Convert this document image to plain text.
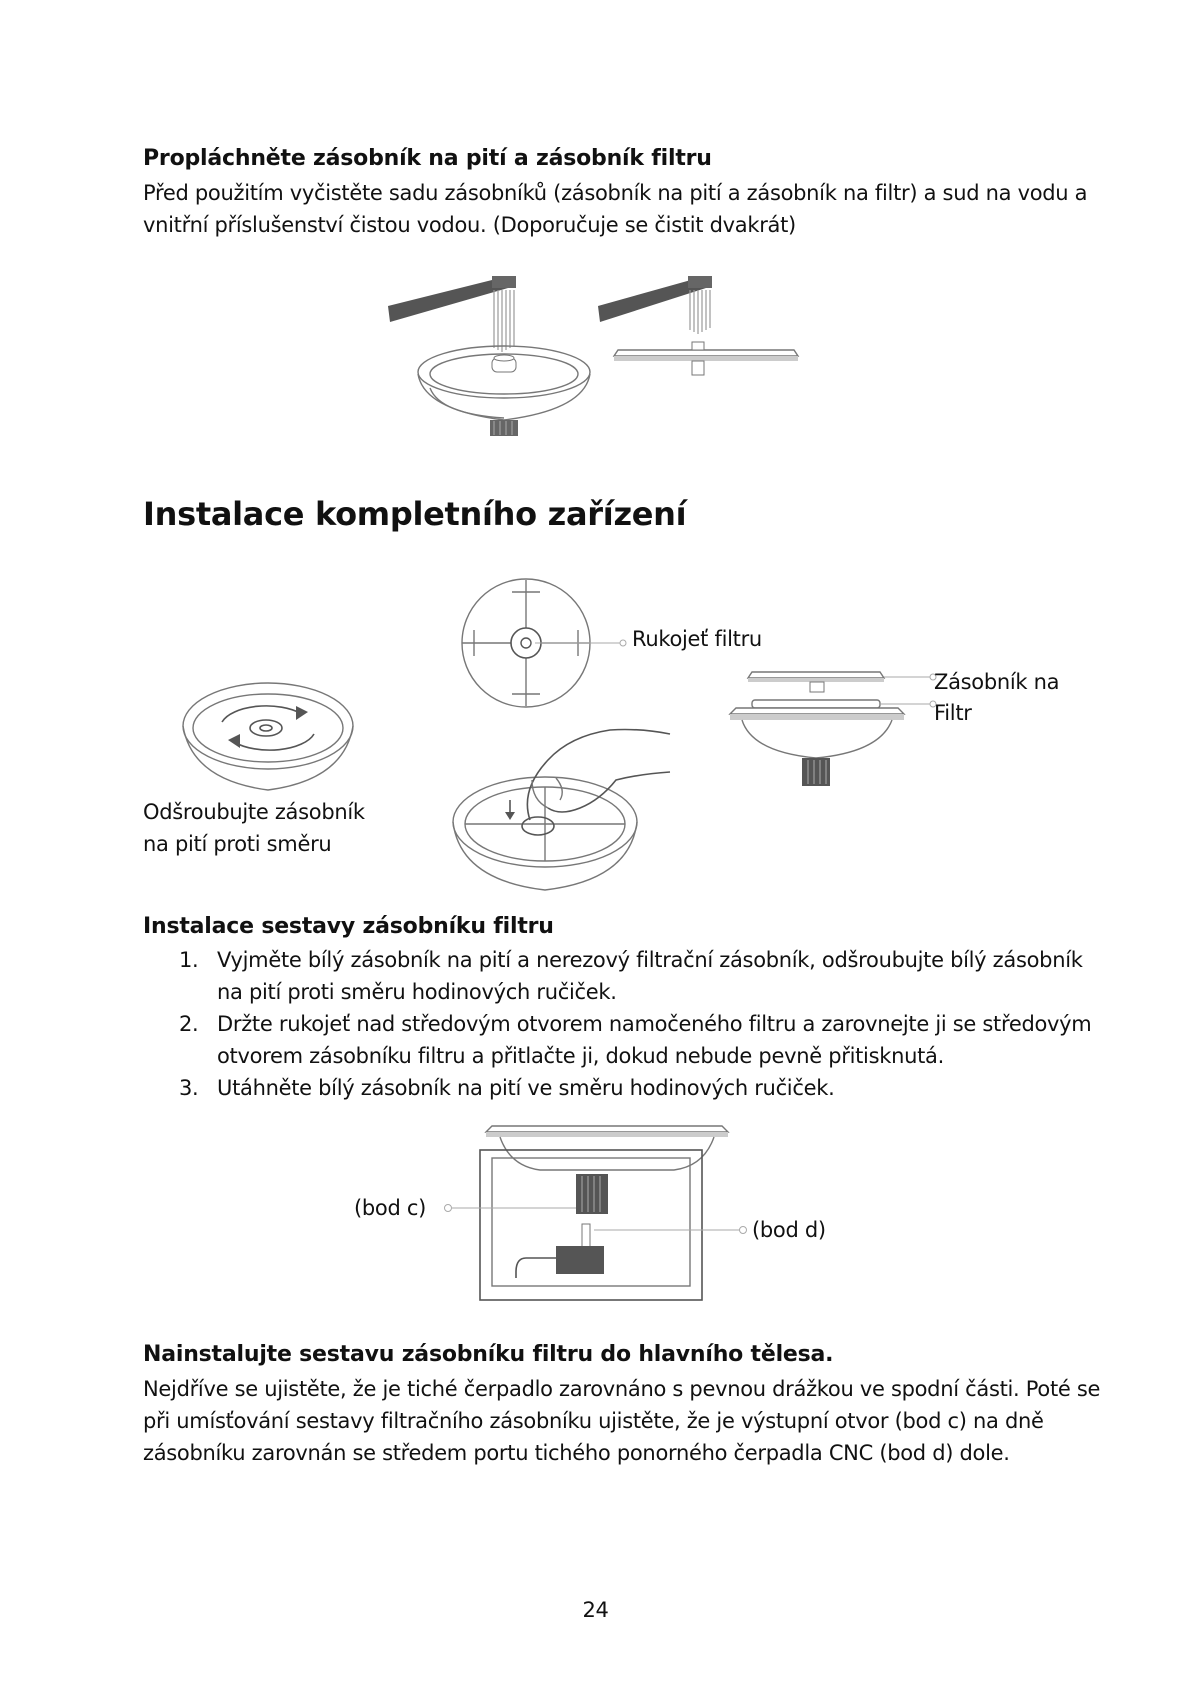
Propláchněte zásobník na pití a zásobník filtru
Před použitím vyčistěte sadu zásobníků (zásobník na pití a zásobník na filtr) a sud na vodu a
vnitřní příslušenství čistou vodou. (Doporučuje se čistit dvakrát)
Instalace kompletního zařízení
Rukojeť filtru
Zásobník na
Filtr
Odšroubujte zásobník
na pití proti směru
Instalace sestavy zásobníku filtru
1. Vyjměte bílý zásobník na pití a nerezový filtrační zásobník, odšroubujte bílý zásobník
na pití proti směru hodinových ručiček.
2. Držte rukojeť nad středovým otvorem namočeného filtru a zarovnejte ji se středovým
otvorem zásobníku filtru a přitlačte ji, dokud nebude pevně přitisknutá.
3. Utáhněte bílý zásobník na pití ve směru hodinových ručiček.
(bod c)
(bod d)
Nainstalujte sestavu zásobníku filtru do hlavního tělesa.
Nejdříve se ujistěte, že je tiché čerpadlo zarovnáno s pevnou drážkou ve spodní části. Poté se
při umísťování sestavy filtračního zásobníku ujistěte, že je výstupní otvor (bod c) na dně
zásobníku zarovnán se středem portu tichého ponorného čerpadla CNC (bod d) dole.
24
